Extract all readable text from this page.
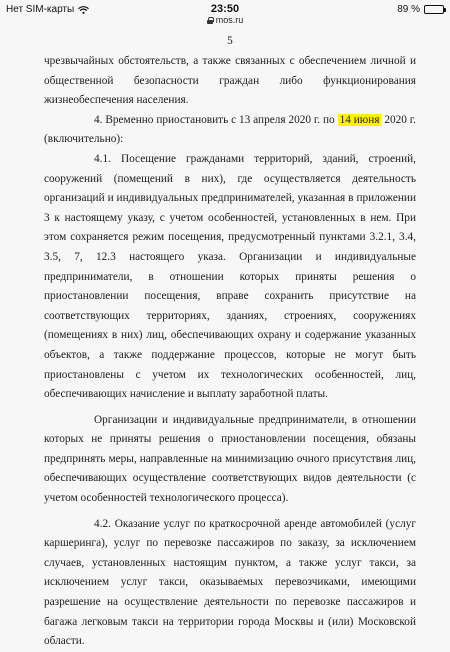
Нет SIM-карты	23:50	89 %
mos.ru
5

чрезвычайных обстоятельств, а также связанных с обеспечением личной и общественной безопасности граждан либо функционирования жизнеобеспечения населения.

4. Временно приостановить с 13 апреля 2020 г. по 14 июня 2020 г. (включительно):

4.1. Посещение гражданами территорий, зданий, строений, сооружений (помещений в них), где осуществляется деятельность организаций и индивидуальных предпринимателей, указанная в приложении 3 к настоящему указу, с учетом особенностей, установленных в нем. При этом сохраняется режим посещения, предусмотренный пунктами 3.2.1, 3.4, 3.5, 7, 12.3 настоящего указа. Организации и индивидуальные предприниматели, в отношении которых приняты решения о приостановлении посещения, вправе сохранить присутствие на соответствующих территориях, зданиях, строениях, сооружениях (помещениях в них) лиц, обеспечивающих охрану и содержание указанных объектов, а также поддержание процессов, которые не могут быть приостановлены с учетом их технологических особенностей, лиц, обеспечивающих начисление и выплату заработной платы.

Организации и индивидуальные предприниматели, в отношении которых не приняты решения о приостановлении посещения, обязаны предпринять меры, направленные на минимизацию очного присутствия лиц, обеспечивающих осуществление соответствующих видов деятельности (с учетом особенностей технологического процесса).

4.2. Оказание услуг по краткосрочной аренде автомобилей (услуг каршеринга), услуг по перевозке пассажиров по заказу, за исключением случаев, установленных настоящим пунктом, а также услуг такси, за исключением услуг такси, оказываемых перевозчиками, имеющими разрешение на осуществление деятельности по перевозке пассажиров и багажа легковым такси на территории города Москвы и (или) Московской области.
